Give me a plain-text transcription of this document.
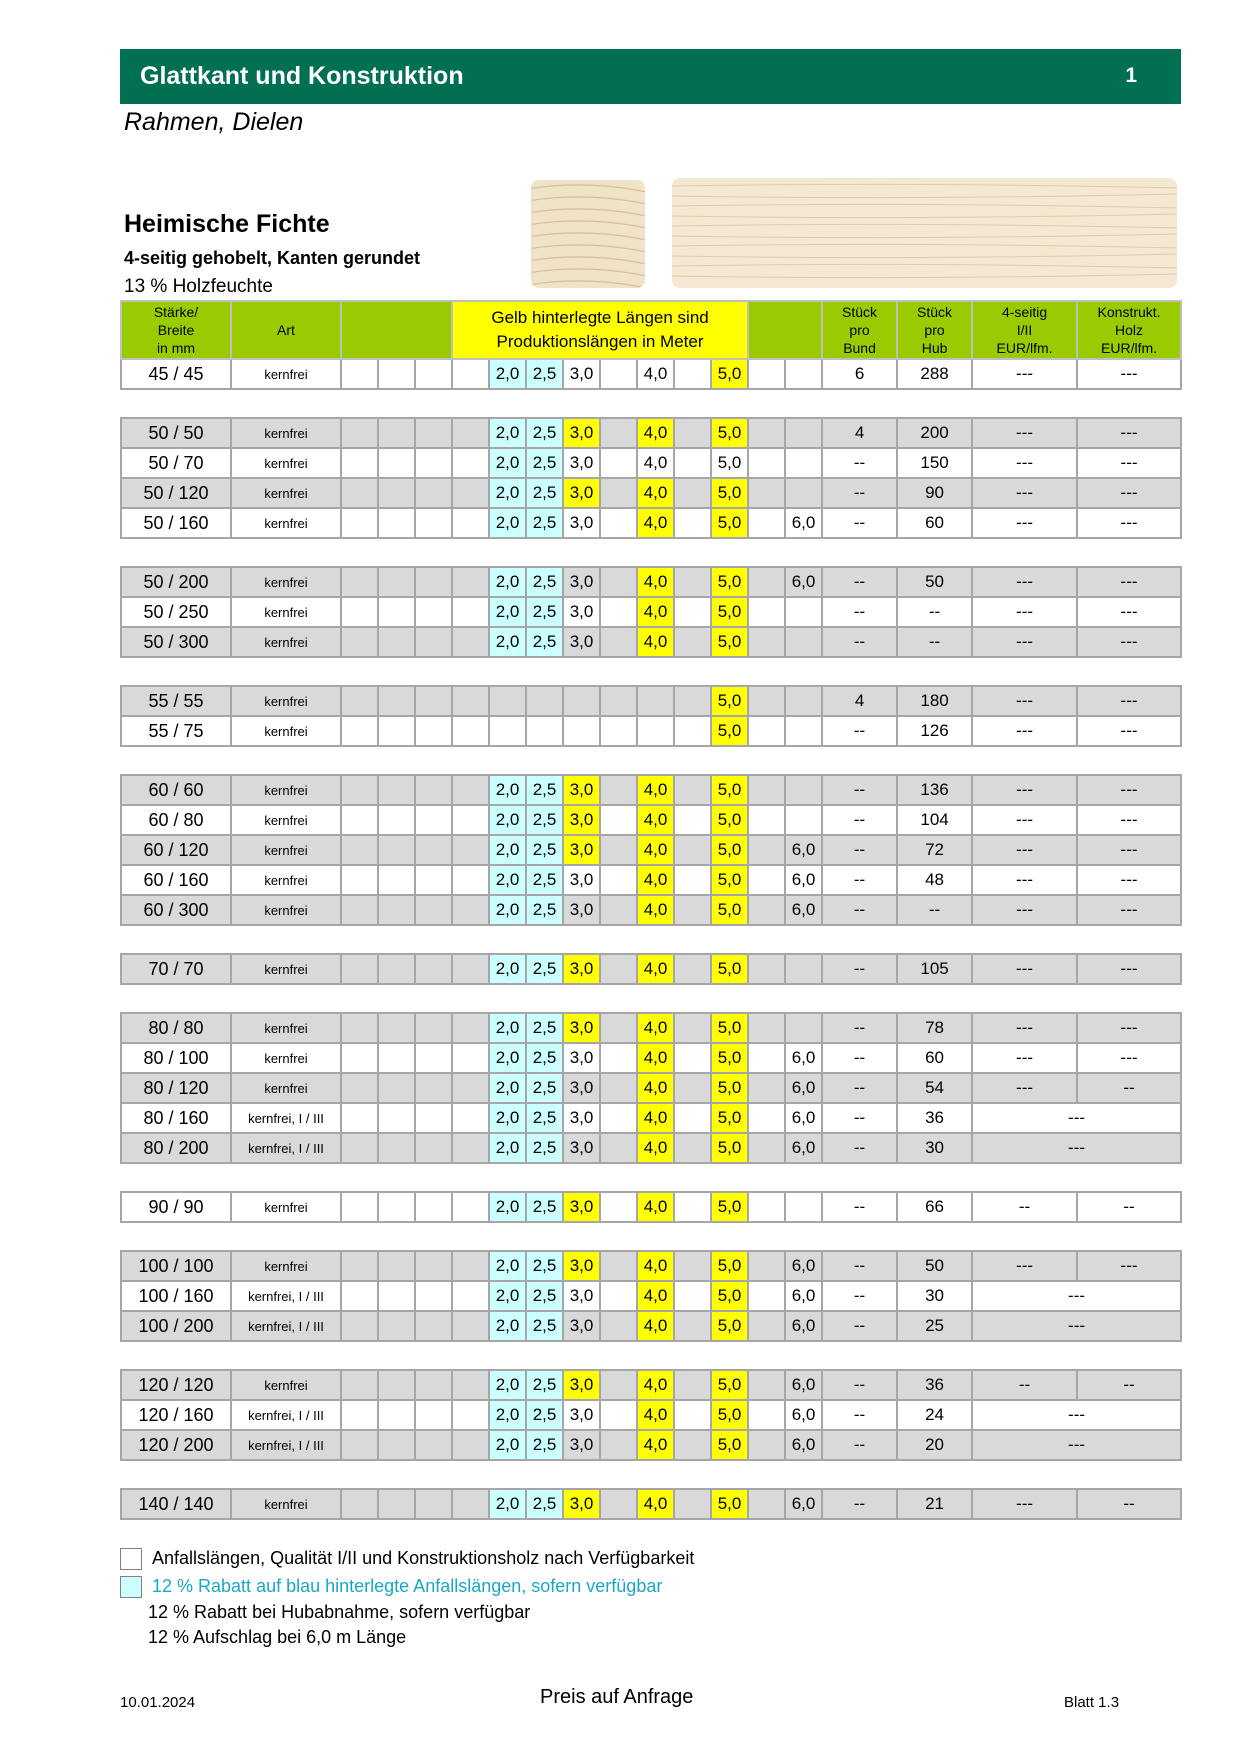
Glattkant und Konstruktion	1
Rahmen, Dielen
Heimische Fichte
4-seitig gehobelt, Kanten gerundet
13 % Holzfeuchte
Stärke/
Breite
in mm	Art				Gelb hinterlegte Längen sind
Produktionslängen in Meter										Stück
pro
Bund	Stück
pro
Hub	4-seitig
I/II
EUR/lfm.	Konstrukt.
Holz
EUR/lfm.
45 / 45	kernfrei					2,0	2,5	3,0		4,0		5,0			6	288	---	---

50 / 50	kernfrei					2,0	2,5	3,0		4,0		5,0			4	200	---	---
50 / 70	kernfrei					2,0	2,5	3,0		4,0		5,0			--	150	---	---
50 / 120	kernfrei					2,0	2,5	3,0		4,0		5,0			--	90	---	---
50 / 160	kernfrei					2,0	2,5	3,0		4,0		5,0		6,0	--	60	---	---

50 / 200	kernfrei					2,0	2,5	3,0		4,0		5,0		6,0	--	50	---	---
50 / 250	kernfrei					2,0	2,5	3,0		4,0		5,0			--	--	---	---
50 / 300	kernfrei					2,0	2,5	3,0		4,0		5,0			--	--	---	---

55 / 55	kernfrei											5,0			4	180	---	---
55 / 75	kernfrei											5,0			--	126	---	---

60 / 60	kernfrei					2,0	2,5	3,0		4,0		5,0			--	136	---	---
60 / 80	kernfrei					2,0	2,5	3,0		4,0		5,0			--	104	---	---
60 / 120	kernfrei					2,0	2,5	3,0		4,0		5,0		6,0	--	72	---	---
60 / 160	kernfrei					2,0	2,5	3,0		4,0		5,0		6,0	--	48	---	---
60 / 300	kernfrei					2,0	2,5	3,0		4,0		5,0		6,0	--	--	---	---

70 / 70	kernfrei					2,0	2,5	3,0		4,0		5,0			--	105	---	---

80 / 80	kernfrei					2,0	2,5	3,0		4,0		5,0			--	78	---	---
80 / 100	kernfrei					2,0	2,5	3,0		4,0		5,0		6,0	--	60	---	---
80 / 120	kernfrei					2,0	2,5	3,0		4,0		5,0		6,0	--	54	---	--
80 / 160	kernfrei, I / III					2,0	2,5	3,0		4,0		5,0		6,0	--	36	---	
80 / 200	kernfrei, I / III					2,0	2,5	3,0		4,0		5,0		6,0	--	30	---	

90 / 90	kernfrei					2,0	2,5	3,0		4,0		5,0			--	66	--	--

100 / 100	kernfrei					2,0	2,5	3,0		4,0		5,0		6,0	--	50	---	---
100 / 160	kernfrei, I / III					2,0	2,5	3,0		4,0		5,0		6,0	--	30	---	
100 / 200	kernfrei, I / III					2,0	2,5	3,0		4,0		5,0		6,0	--	25	---	

120 / 120	kernfrei					2,0	2,5	3,0		4,0		5,0		6,0	--	36	--	--
120 / 160	kernfrei, I / III					2,0	2,5	3,0		4,0		5,0		6,0	--	24	---	
120 / 200	kernfrei, I / III					2,0	2,5	3,0		4,0		5,0		6,0	--	20	---	

140 / 140	kernfrei					2,0	2,5	3,0		4,0		5,0		6,0	--	21	---	--
Anfallslängen, Qualität I/II und Konstruktionsholz nach Verfügbarkeit
12 % Rabatt auf blau hinterlegte Anfallslängen, sofern verfügbar
12 % Rabatt bei Hubabnahme, sofern verfügbar
12 % Aufschlag bei 6,0 m Länge
10.01.2024	Preis auf Anfrage	Blatt 1.3
